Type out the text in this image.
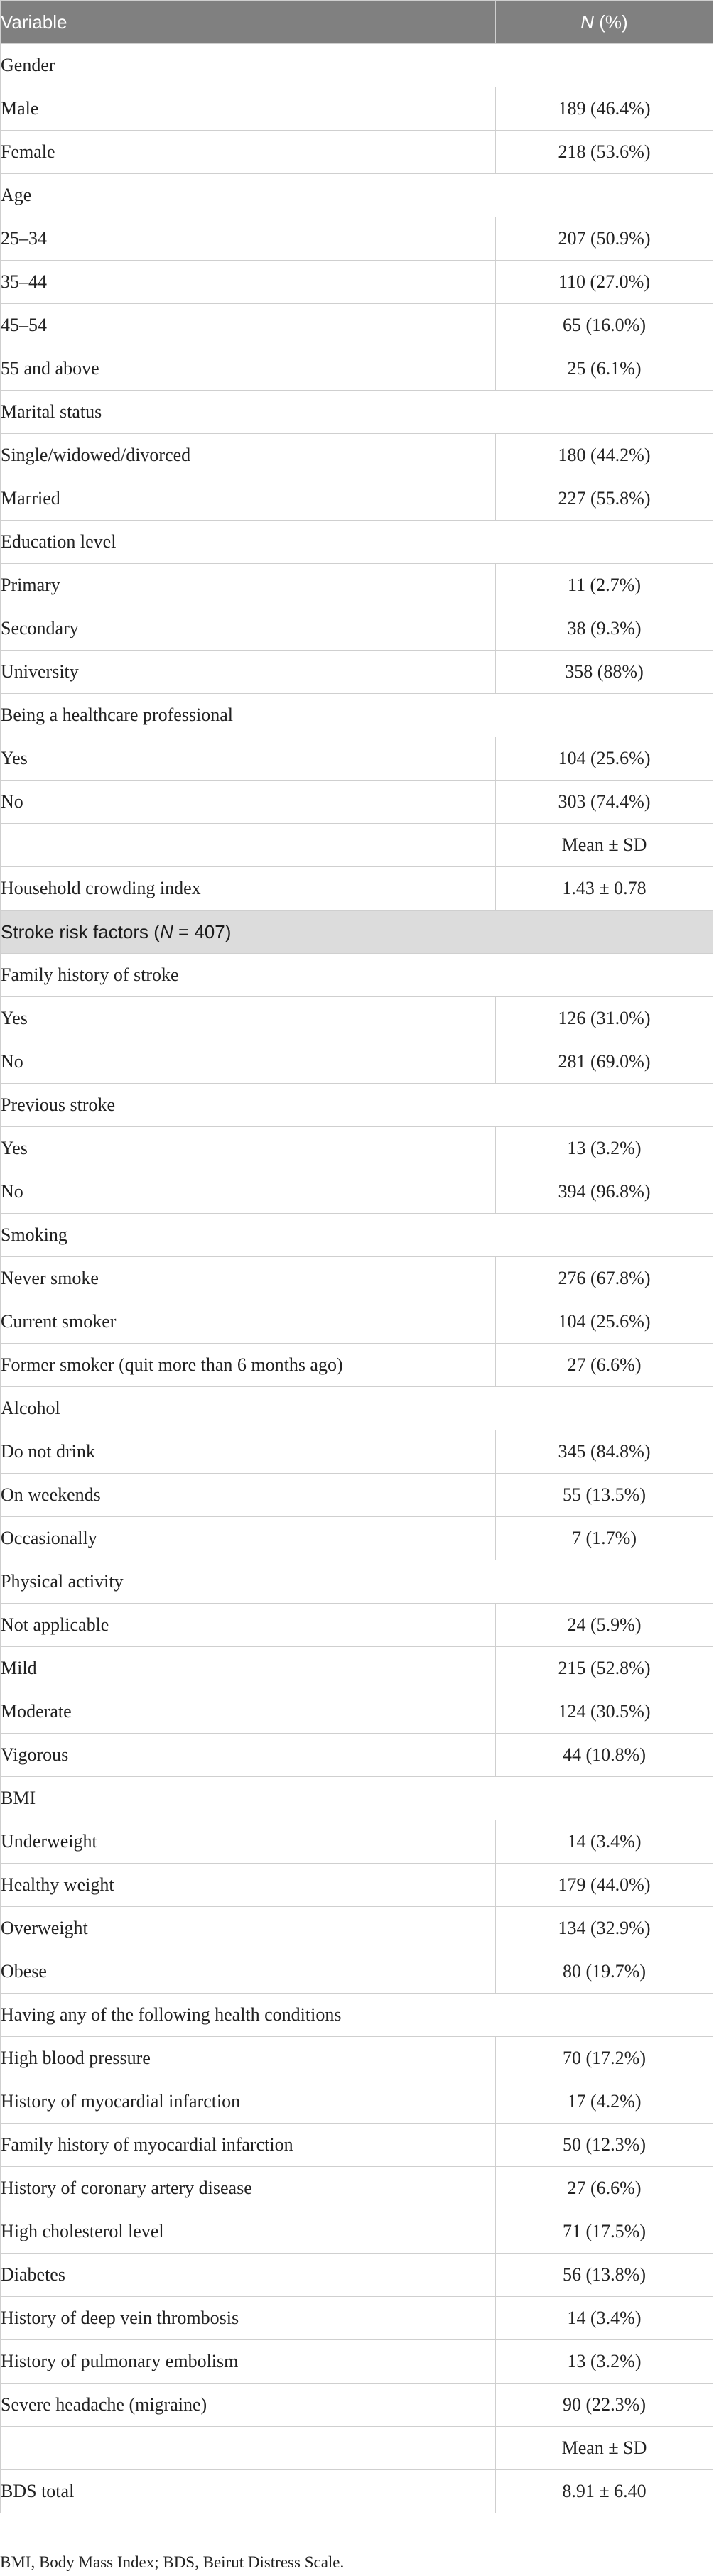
Variable	N (%)
Gender	
Male	189 (46.4%)
Female	218 (53.6%)
Age	
25–34	207 (50.9%)
35–44	110 (27.0%)
45–54	65 (16.0%)
55 and above	25 (6.1%)
Marital status	
Single/widowed/divorced	180 (44.2%)
Married	227 (55.8%)
Education level	
Primary	11 (2.7%)
Secondary	38 (9.3%)
University	358 (88%)
Being a healthcare professional	
Yes	104 (25.6%)
No	303 (74.4%)
	Mean ± SD
Household crowding index	1.43 ± 0.78
Stroke risk factors (N = 407)	
Family history of stroke	
Yes	126 (31.0%)
No	281 (69.0%)
Previous stroke	
Yes	13 (3.2%)
No	394 (96.8%)
Smoking	
Never smoke	276 (67.8%)
Current smoker	104 (25.6%)
Former smoker (quit more than 6 months ago)	27 (6.6%)
Alcohol	
Do not drink	345 (84.8%)
On weekends	55 (13.5%)
Occasionally	7 (1.7%)
Physical activity	
Not applicable	24 (5.9%)
Mild	215 (52.8%)
Moderate	124 (30.5%)
Vigorous	44 (10.8%)
BMI	
Underweight	14 (3.4%)
Healthy weight	179 (44.0%)
Overweight	134 (32.9%)
Obese	80 (19.7%)
Having any of the following health conditions	
High blood pressure	70 (17.2%)
History of myocardial infarction	17 (4.2%)
Family history of myocardial infarction	50 (12.3%)
History of coronary artery disease	27 (6.6%)
High cholesterol level	71 (17.5%)
Diabetes	56 (13.8%)
History of deep vein thrombosis	14 (3.4%)
History of pulmonary embolism	13 (3.2%)
Severe headache (migraine)	90 (22.3%)
	Mean ± SD
BDS total	8.91 ± 6.40
BMI, Body Mass Index; BDS, Beirut Distress Scale.
